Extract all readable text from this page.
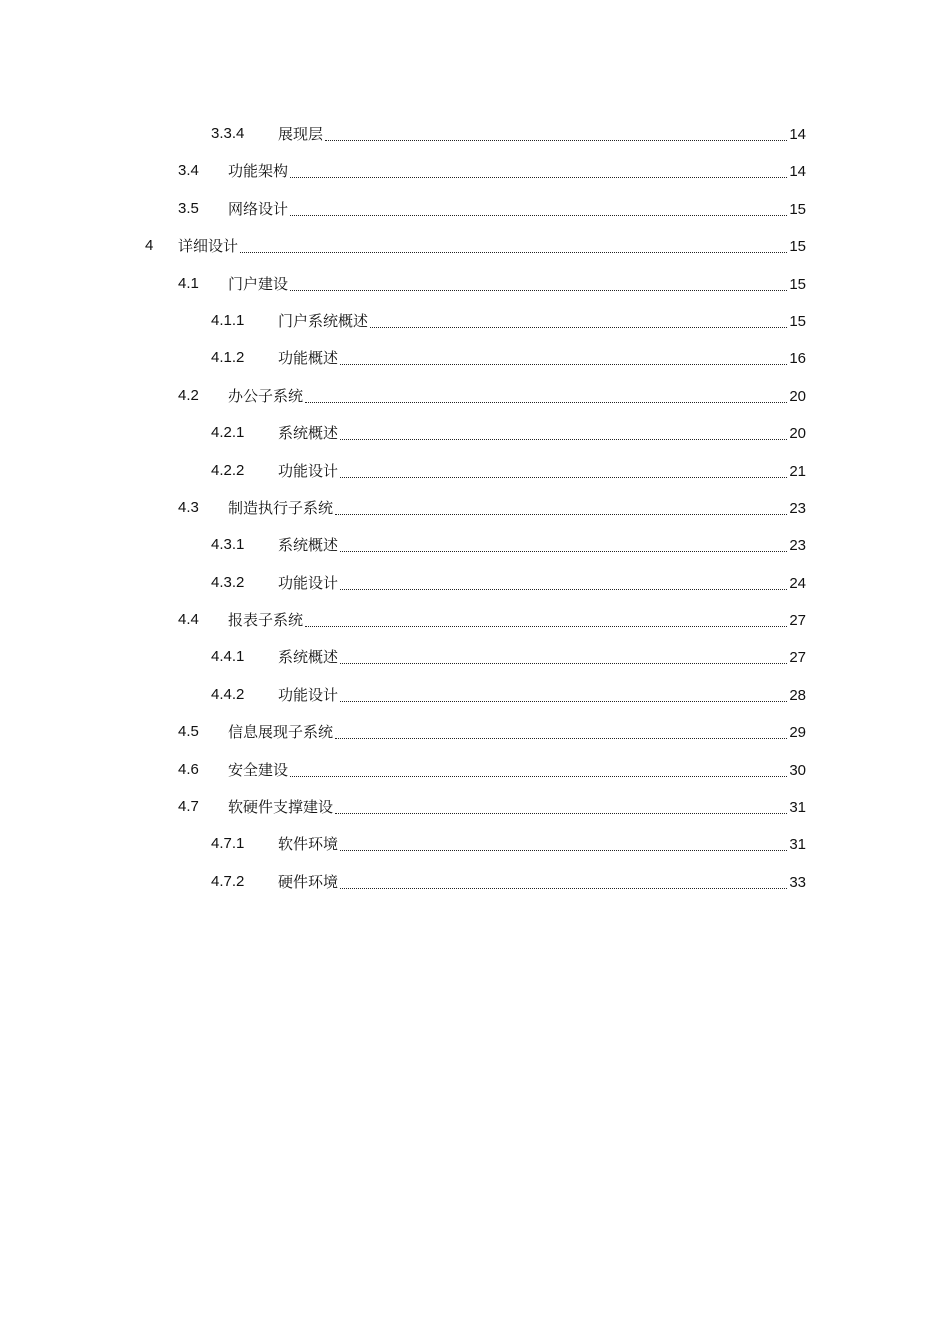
3.3.4 展现层	14
3.4 功能架构	14
3.5 网络设计	15
4 详细设计	15
4.1 门户建设	15
4.1.1 门户系统概述	15
4.1.2 功能概述	16
4.2 办公子系统	20
4.2.1 系统概述	20
4.2.2 功能设计	21
4.3 制造执行子系统	23
4.3.1 系统概述	23
4.3.2 功能设计	24
4.4 报表子系统	27
4.4.1 系统概述	27
4.4.2 功能设计	28
4.5 信息展现子系统	29
4.6 安全建设	30
4.7 软硬件支撑建设	31
4.7.1 软件环境	31
4.7.2 硬件环境	33
